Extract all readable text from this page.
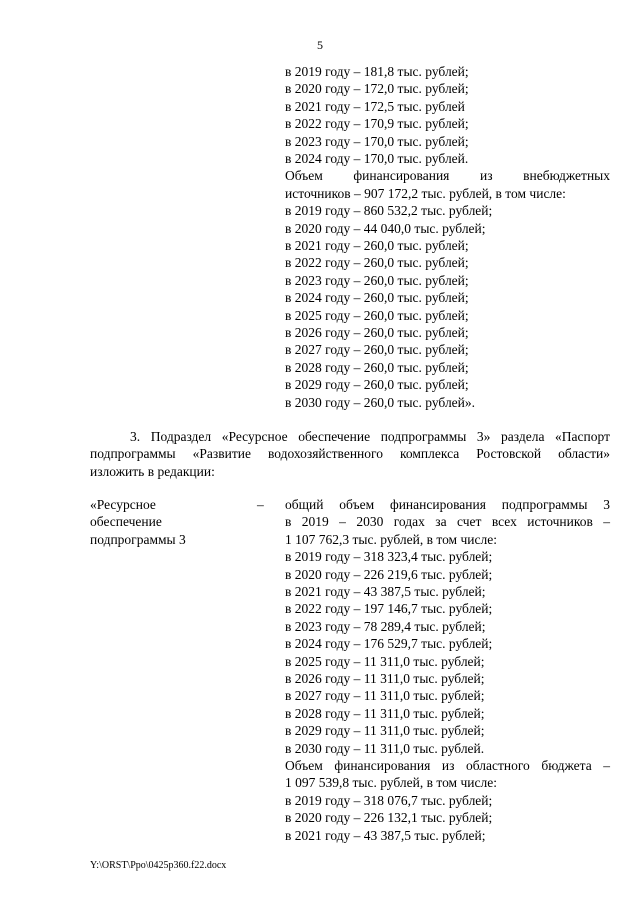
5
в 2019 году – 181,8 тыс. рублей;
в 2020 году – 172,0 тыс. рублей;
в 2021 году – 172,5 тыс. рублей
в 2022 году – 170,9 тыс. рублей;
в 2023 году – 170,0 тыс. рублей;
в 2024 году – 170,0 тыс. рублей.
Объем финансирования из внебюджетных
источников – 907 172,2 тыс. рублей, в том числе:
в 2019 году – 860 532,2 тыс. рублей;
в 2020 году – 44 040,0 тыс. рублей;
в 2021 году – 260,0 тыс. рублей;
в 2022 году – 260,0 тыс. рублей;
в 2023 году – 260,0 тыс. рублей;
в 2024 году – 260,0 тыс. рублей;
в 2025 году – 260,0 тыс. рублей;
в 2026 году – 260,0 тыс. рублей;
в 2027 году – 260,0 тыс. рублей;
в 2028 году – 260,0 тыс. рублей;
в 2029 году – 260,0 тыс. рублей;
в 2030 году – 260,0 тыс. рублей».
3. Подраздел «Ресурсное обеспечение подпрограммы 3» раздела «Паспорт
подпрограммы «Развитие водохозяйственного комплекса Ростовской области»
изложить в редакции:
«Ресурсное
обеспечение
подпрограммы 3
– общий объем финансирования подпрограммы 3
в 2019 – 2030 годах за счет всех источников –
1 107 762,3 тыс. рублей, в том числе:
в 2019 году – 318 323,4 тыс. рублей;
в 2020 году – 226 219,6 тыс. рублей;
в 2021 году – 43 387,5 тыс. рублей;
в 2022 году – 197 146,7 тыс. рублей;
в 2023 году – 78 289,4 тыс. рублей;
в 2024 году – 176 529,7 тыс. рублей;
в 2025 году – 11 311,0 тыс. рублей;
в 2026 году – 11 311,0 тыс. рублей;
в 2027 году – 11 311,0 тыс. рублей;
в 2028 году – 11 311,0 тыс. рублей;
в 2029 году – 11 311,0 тыс. рублей;
в 2030 году – 11 311,0 тыс. рублей.
Объем финансирования из областного бюджета –
1 097 539,8 тыс. рублей, в том числе:
в 2019 году – 318 076,7 тыс. рублей;
в 2020 году – 226 132,1 тыс. рублей;
в 2021 году – 43 387,5 тыс. рублей;
Y:\ORST\Ppo\0425p360.f22.docx
